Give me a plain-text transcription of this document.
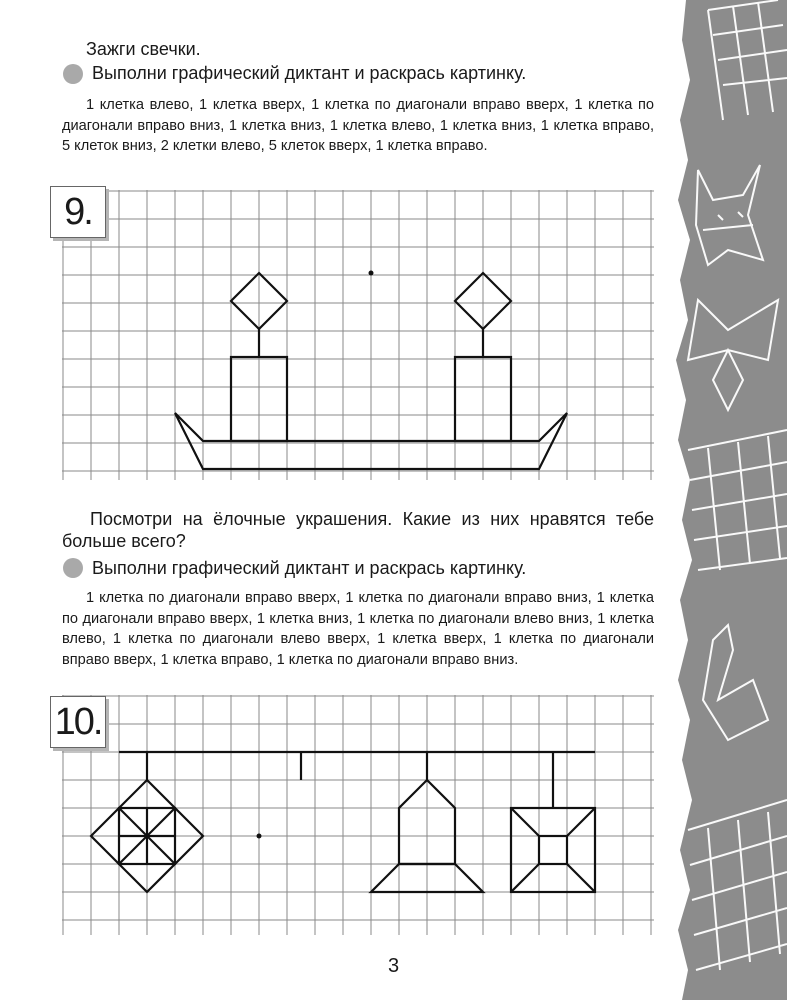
Зажги свечки.

Выполни графический диктант и раскрась картинку.

1 клетка влево, 1 клетка вверх, 1 клетка по диагонали вправо вверх, 1 клетка по диагонали вправо вниз, 1 клетка вниз, 1 клетка влево, 1 клетка вниз, 1 клетка вправо, 5 клеток вниз, 2 клетки влево, 5 клеток вверх, 1 клетка вправо.

9.

Посмотри на ёлочные украшения. Какие из них нравятся тебе больше всего?

Выполни графический диктант и раскрась картинку.

1 клетка по диагонали вправо вверх, 1 клетка по диагонали вправо вниз, 1 клетка по диагонали вправо вверх, 1 клетка вниз, 1 клетка по диагонали влево вниз, 1 клетка влево, 1 клетка по диагонали влево вверх, 1 клетка вверх, 1 клетка по диагонали вправо вверх, 1 клетка вправо, 1 клетка по диагонали вправо вниз.

10.
3
